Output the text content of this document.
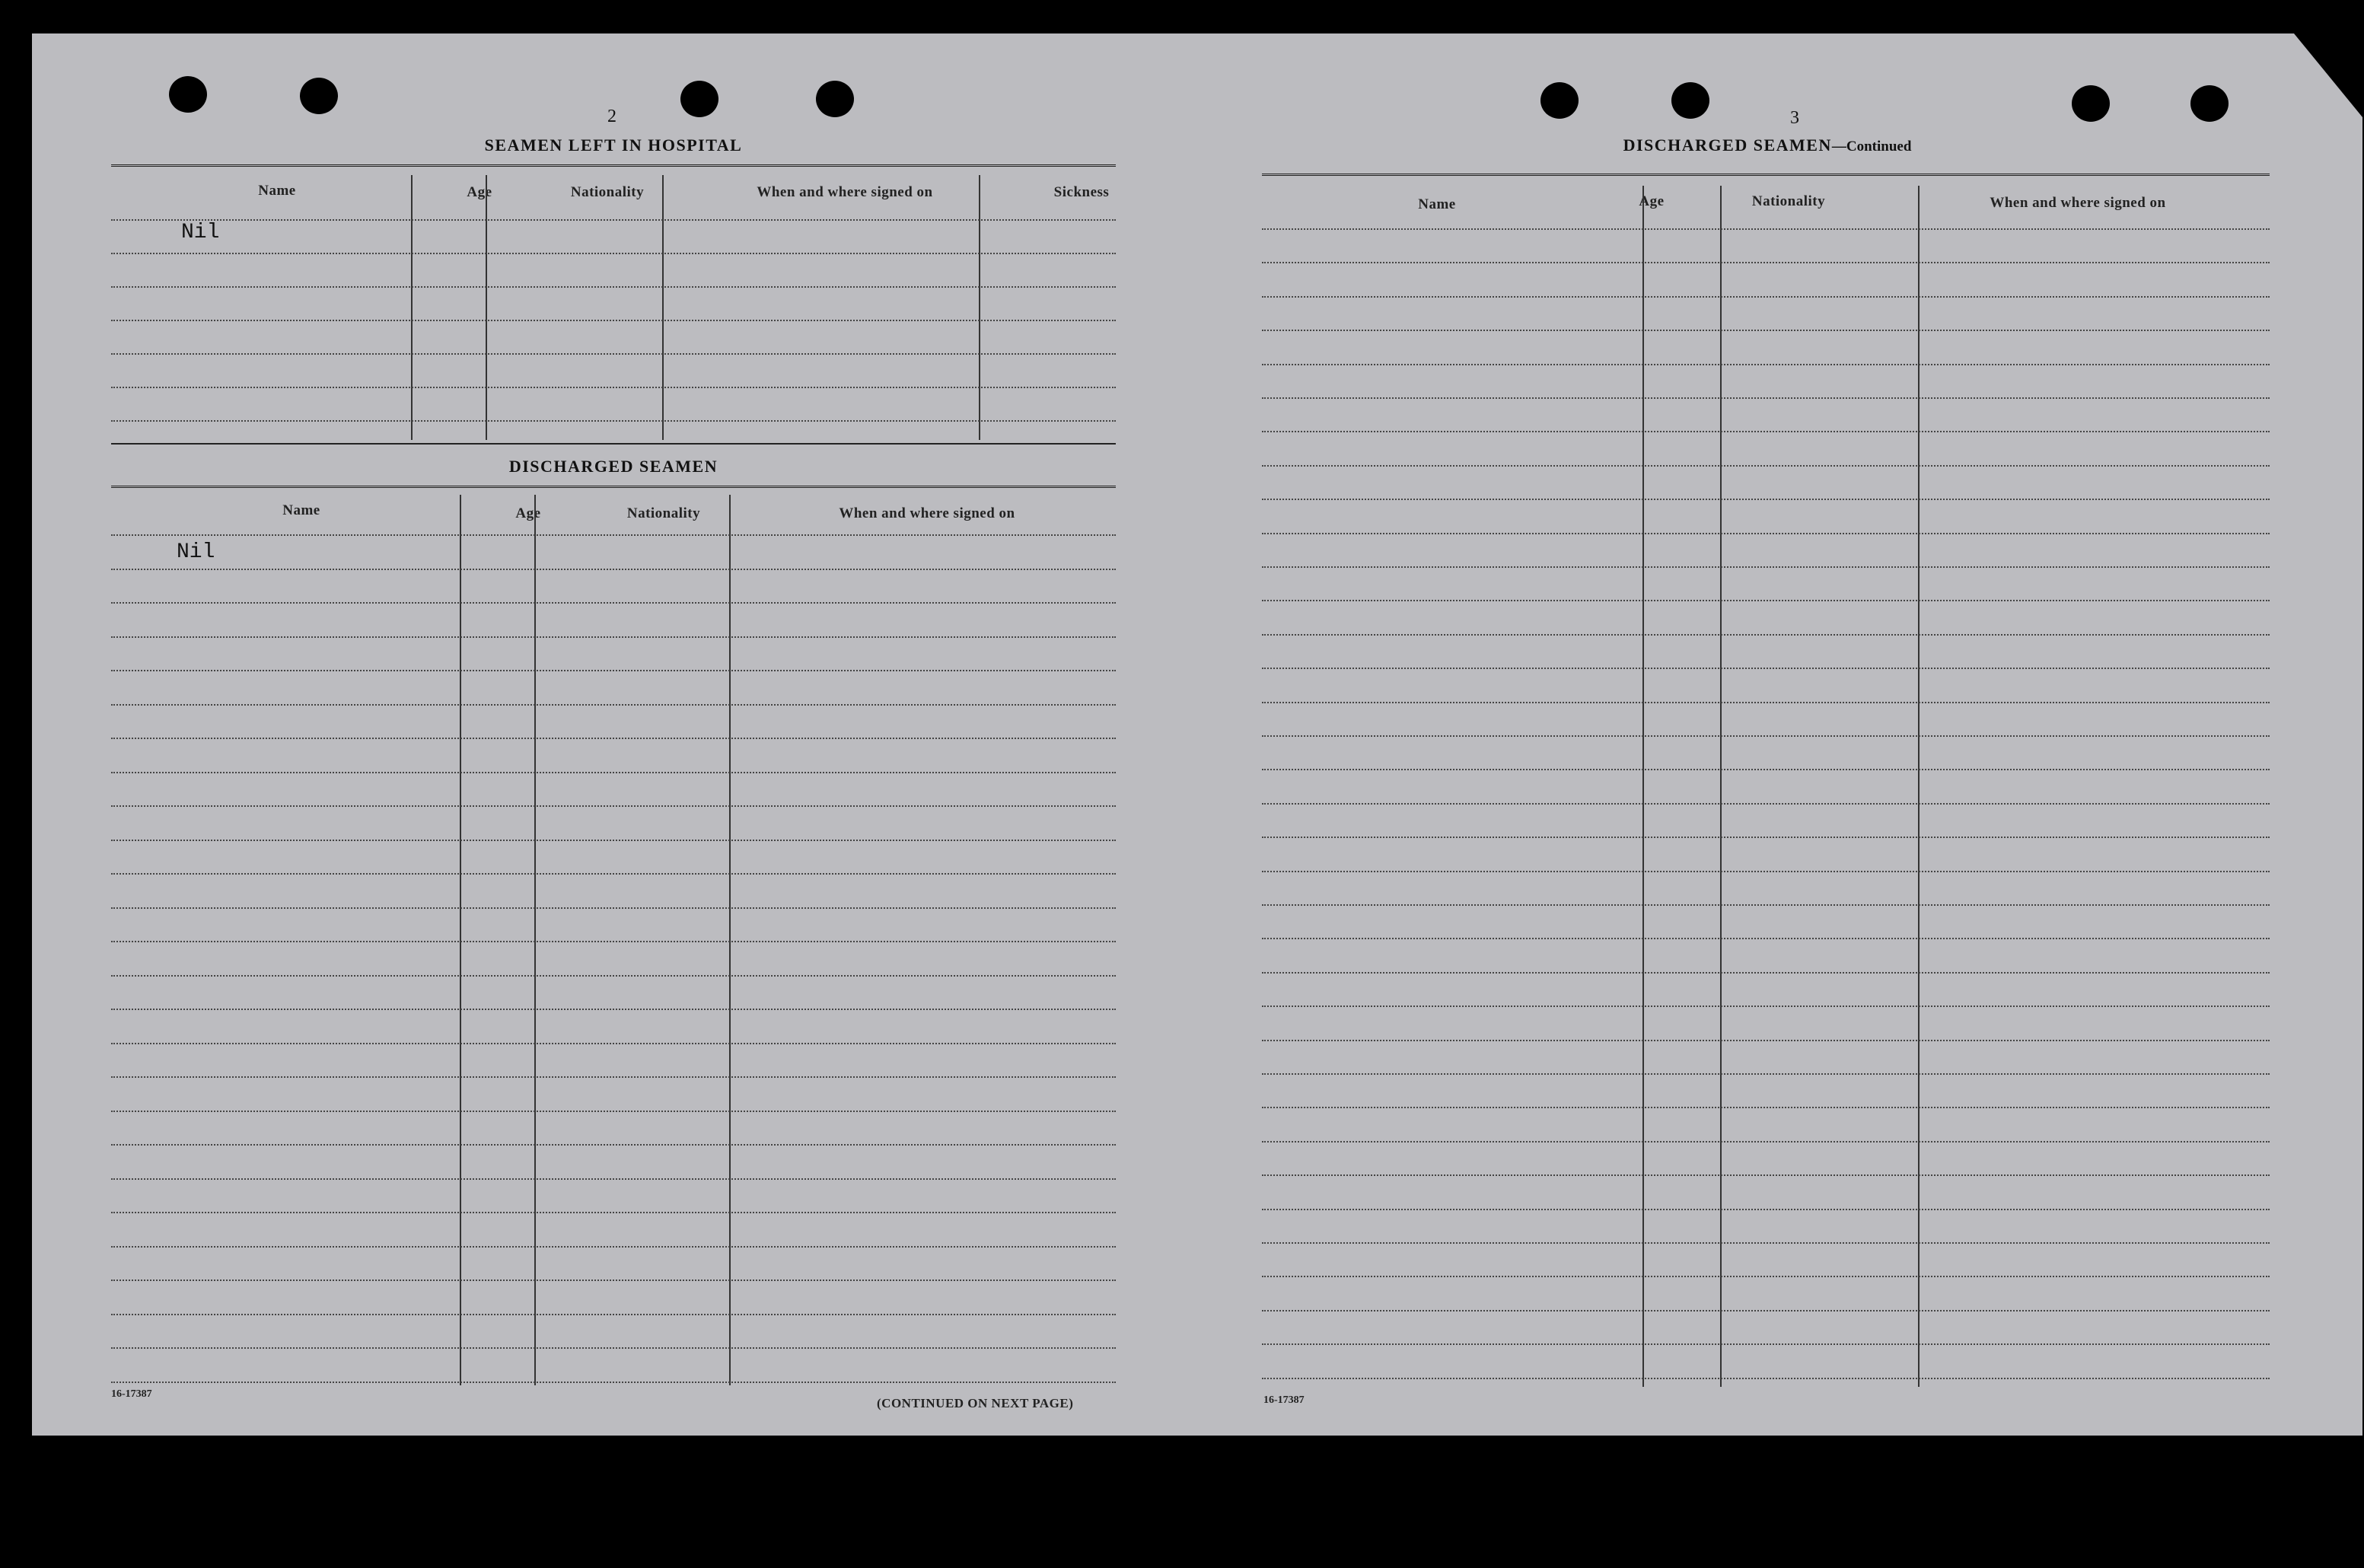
2
SEAMEN LEFT IN HOSPITAL
Name	Age	Nationality	When and where signed on	Sickness
Nil
DISCHARGED SEAMEN
Name	Age	Nationality	When and where signed on
Nil
16-17387
(CONTINUED ON NEXT PAGE)
3
DISCHARGED SEAMEN—Continued
Name	Age	Nationality	When and where signed on
16-17387
